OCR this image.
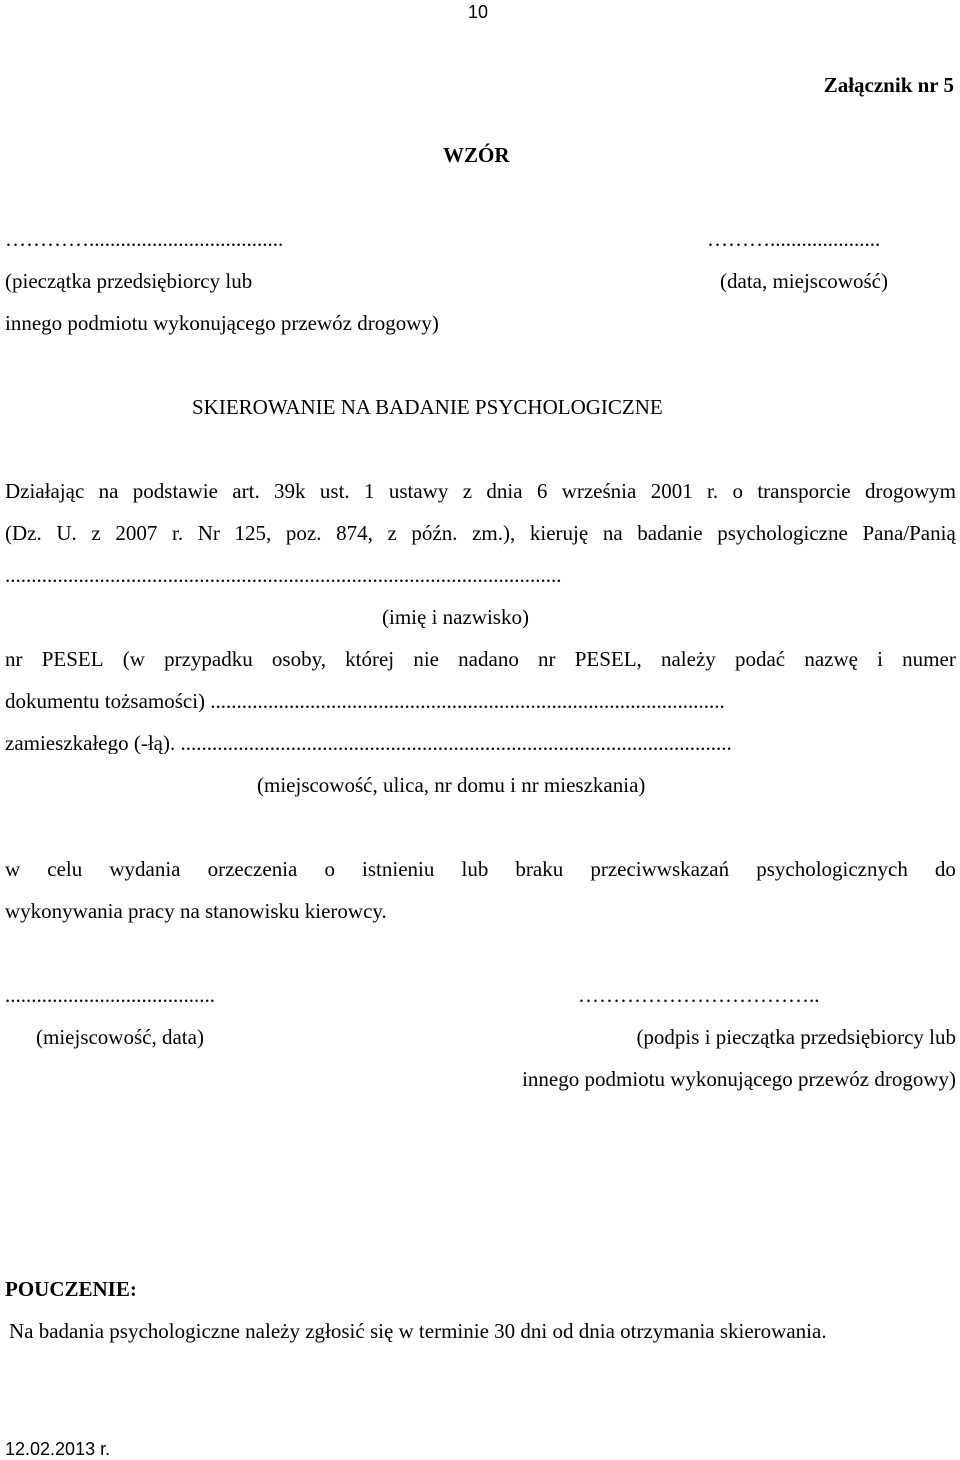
10
Załącznik nr 5
WZÓR
………….....................................
(pieczątka przedsiębiorcy lub
innego podmiotu wykonującego przewóz drogowy)
……….....................
(data, miejscowość)
SKIEROWANIE NA BADANIE PSYCHOLOGICZNE
Działając na podstawie art. 39k ust. 1 ustawy z dnia 6 września 2001 r. o transporcie drogowym
(Dz. U. z 2007 r. Nr 125, poz. 874, z późn. zm.), kieruję na badanie psychologiczne Pana/Panią
..........................................................................................................
(imię i nazwisko)
nr PESEL (w przypadku osoby, której nie nadano nr PESEL, należy podać nazwę i numer
dokumentu tożsamości) ..................................................................................................
zamieszkałego (-łą). .........................................................................................................
(miejscowość, ulica, nr domu i nr mieszkania)
w celu wydania orzeczenia o istnieniu lub braku przeciwwskazań psychologicznych do
wykonywania pracy na stanowisku kierowcy.
........................................
(miejscowość, data)
……………………………..
(podpis i pieczątka przedsiębiorcy lub
innego podmiotu wykonującego przewóz drogowy)
POUCZENIE:
Na badania psychologiczne należy zgłosić się w terminie 30 dni od dnia otrzymania skierowania.
12.02.2013 r.
